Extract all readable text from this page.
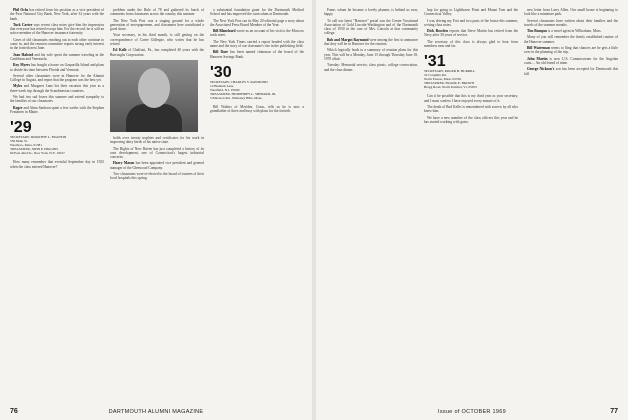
Phil Ochs has retired from his position as a vice president of the First National City Bank, New York, after 32 years with the bank.

Tuck Carter says recent class notes give him the impression that everyone has retired except him. For the record, he is still an active member of the Hanover insurance fraternity.

Cases of old classmates reaching out to each other continue to come in, and the reunion committee reports strong early interest in the fortieth next June.

Jean Halsted and his wife spent the summer traveling in the Caribbean and Venezuela.

Roy Myers has bought a house on Gasparilla Island and plans to divide his time between Florida and Vermont.

Several other classmates were in Hanover for the Alumni College in August, and report that the program was the best yet.

Myles and Margaret Lane list their vacation this year as a three-week trip through the Scandinavian countries.

We had two sad losses this summer and extend sympathy to the families of our classmates.

Roger and Alma Sanborn spent a few weeks with the Stephen Fontaines in Maine.

'29
SECRETARY, DOROTHY L. FRANTIN
559 Main St.
Westboro, Mass. 01581
TREASURER, JOHN P. HIGGINS
60 East 42nd St., New York, N.Y. 10017

How many remember that eventful September day in 1925 when the class entered Hanover?

problem under the Rule of 78 and gathered its batch of comments from classmates across the country this summer.

The New York Post was a staging ground for a whole generation of newspapermen, and classmates here contributed a good share.

Your secretary, in his third month, is still getting on the correspondence of Carter Gillespie, who writes that he has retired.

Ed Kolb of Chalfont, Pa., has completed 40 years with the Burroughs Corporation.

holds over twenty trophies and certificates for his work in improving dairy herds of his native state.

The Rights of New Haven has just completed a history of its own development, one of Connecticut's largest industrial concerns.

Harry Mason has been appointed vice president and general manager of the Glenwood Company.

Two classmates were re-elected to the board of trustees of their local hospitals this spring.

a substantial foundation grant for the Dartmouth Medical School and has improved the curriculum at Dartmouth.

The New York Post ran its May 20 editorial page a story about the Associated Press Board Member of the Year.

Bill Blanchard wrote us an account of his visit to the Moscow track meet.

The New York Times carried a report headed with the class name and the story of our classmate's rise in the publishing field.

Bill Dare has been named chairman of the board of the Hanover Savings Bank.

'30
SECRETARY, CHARLES V. RAYMOND
10 Bismark Lane
Westfield, N.J. 07090
TREASURER, HUMPHREY L. SHEPARD, JR.
5 Emerson Rd., Wellesley Hills, Mass.

Bill Walters of Meriden, Conn., tells us he is now a grandfather of three and busy with plans for the fortieth.

76	DARTMOUTH ALUMNI MAGAZINE

Fame, whom he became a lovely planner, is behind us now, happy.

To call our latest "Hanover" portal was the Centre Vocational Association of Gold Lincoln-Washington and of the Dartmouth class of 1930 in the care of Mrs. Lincoln at that community college.

Bob and Margot Raymond were among the first to announce that they will be in Hanover for the reunion.

Which logically leads to a summary of reunion plans for this year. This will be a Monday, June 15 through Thursday June 18, 1970 affair.

Tuesday: Memorial service, class picnic, college convocation, and the class dinner.

hop for going to Lighthouse Point and Mount Tom and the Connecticut Valley.

I was driving my Fort and two parts of the house this summer, writing class notes.

Dick Bowden reports that Steve Martin has retired from the Navy after 30 years of service.

The secretary of this class is always glad to hear from members near and far.

'31
SECRETARY, ROGER B. BURRILL
32 Coughlin Rd.
North Easton, Mass. 02356
TREASURER, FRANK E. BROWN
Bragg Road, North Pomfret, Vt. 05053

Can it be possible that this is my third year as your secretary, and I must confess I have enjoyed every minute of it.

The death of Bud Kellis is remembered with sorrow by all who knew him.

We have a new member of the class officers this year and he has started working with gusto.

new letter from Larry Allen. Our small house is beginning to look like a miniature park.

Several classmates have written about their families and the travels of the summer months.

Tim Bumpus is a travel agent in Wilbraham, Mass.

Many of you will remember the firmly established routine of the Hanover summer.

Bill Waterman seems to fling that chances are he gets a little over in the planning of the trip.

John Martin is now U.S. Commissioner for the Angolan coast.... An old friend of mine.

George Nickson's son has been accepted for Dartmouth this fall.

Issue of OCTOBER 1969	77
